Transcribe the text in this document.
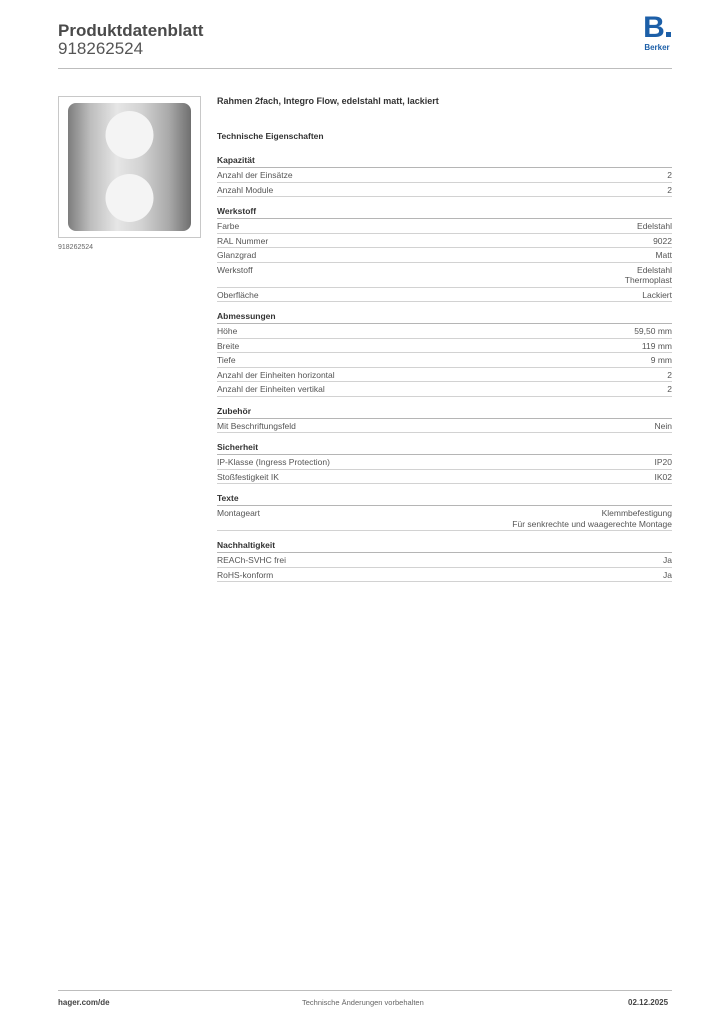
Produktdatenblatt
918262524
B
Berker
918262524
Rahmen 2fach, Integro Flow, edelstahl matt, lackiert
Technische Eigenschaften
Kapazität
Anzahl der Einsätze	2
Anzahl Module	2
Werkstoff
Farbe	Edelstahl
RAL Nummer	9022
Glanzgrad	Matt
Werkstoff	Edelstahl
Thermoplast
Oberfläche	Lackiert
Abmessungen
Höhe	59,50 mm
Breite	119 mm
Tiefe	9 mm
Anzahl der Einheiten horizontal	2
Anzahl der Einheiten vertikal	2
Zubehör
Mit Beschriftungsfeld	Nein
Sicherheit
IP-Klasse (Ingress Protection)	IP20
Stoßfestigkeit IK	IK02
Texte
Montageart	Klemmbefestigung
Für senkrechte und waagerechte Montage
Nachhaltigkeit
REACh-SVHC frei	Ja
RoHS-konform	Ja
hager.com/de	Technische Änderungen vorbehalten	02.12.2025
